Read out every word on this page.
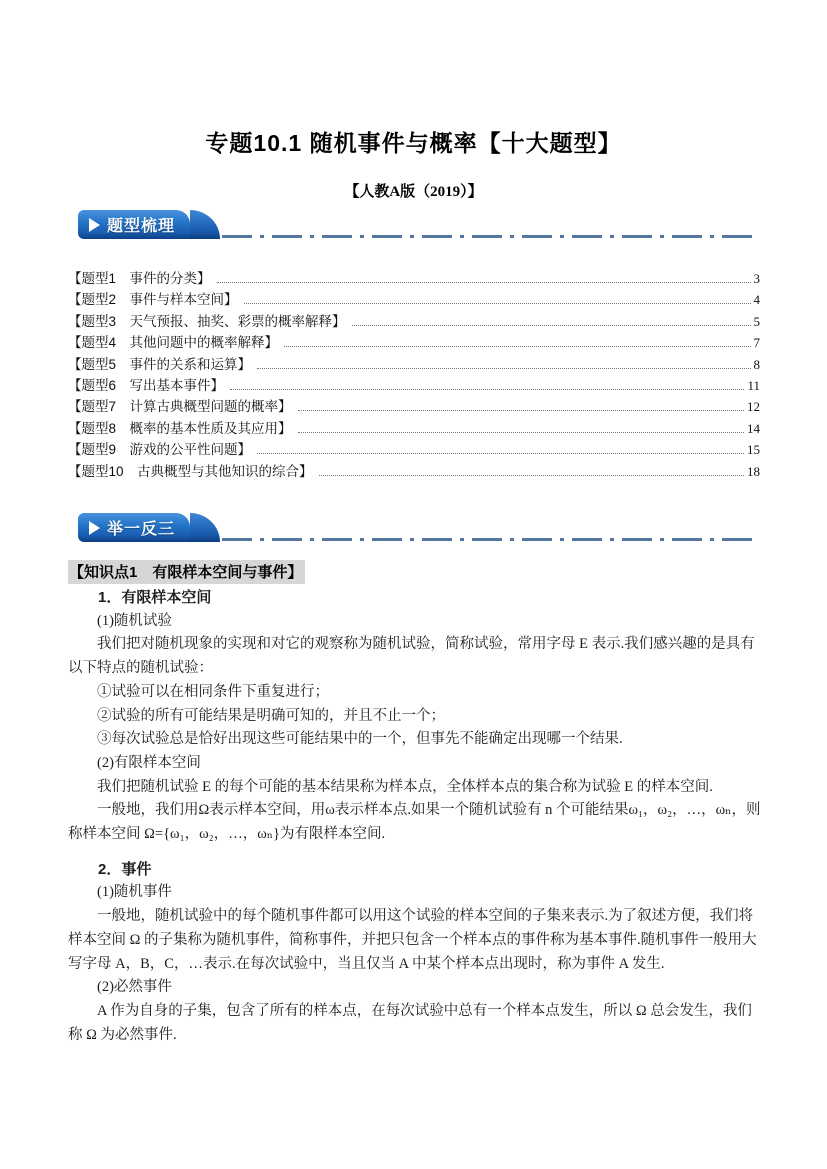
专题10.1 随机事件与概率【十大题型】
【人教A版（2019）】
题型梳理
【题型1　事件的分类】	3
【题型2　事件与样本空间】	4
【题型3　天气预报、抽奖、彩票的概率解释】	5
【题型4　其他问题中的概率解释】	7
【题型5　事件的关系和运算】	8
【题型6　写出基本事件】	11
【题型7　计算古典概型问题的概率】	12
【题型8　概率的基本性质及其应用】	14
【题型9　游戏的公平性问题】	15
【题型10　古典概型与其他知识的综合】	18
举一反三
【知识点1　有限样本空间与事件】

1．有限样本空间

(1)随机试验

我们把对随机现象的实现和对它的观察称为随机试验，简称试验，常用字母 E 表示.我们感兴趣的是具有以下特点的随机试验：

①试验可以在相同条件下重复进行；

②试验的所有可能结果是明确可知的，并且不止一个；

③每次试验总是恰好出现这些可能结果中的一个，但事先不能确定出现哪一个结果.

(2)有限样本空间

我们把随机试验 E 的每个可能的基本结果称为样本点，全体样本点的集合称为试验 E 的样本空间.

一般地，我们用Ω表示样本空间，用ω表示样本点.如果一个随机试验有 n 个可能结果ω₁，ω₂，…，ωₙ，则称样本空间 Ω={ω₁，ω₂，…，ωₙ}为有限样本空间.

2．事件

(1)随机事件

一般地，随机试验中的每个随机事件都可以用这个试验的样本空间的子集来表示.为了叙述方便，我们将样本空间 Ω 的子集称为随机事件，简称事件，并把只包含一个样本点的事件称为基本事件.随机事件一般用大写字母 A，B，C，…表示.在每次试验中，当且仅当 A 中某个样本点出现时，称为事件 A 发生.

(2)必然事件

A 作为自身的子集，包含了所有的样本点，在每次试验中总有一个样本点发生，所以 Ω 总会发生，我们称 Ω 为必然事件.
